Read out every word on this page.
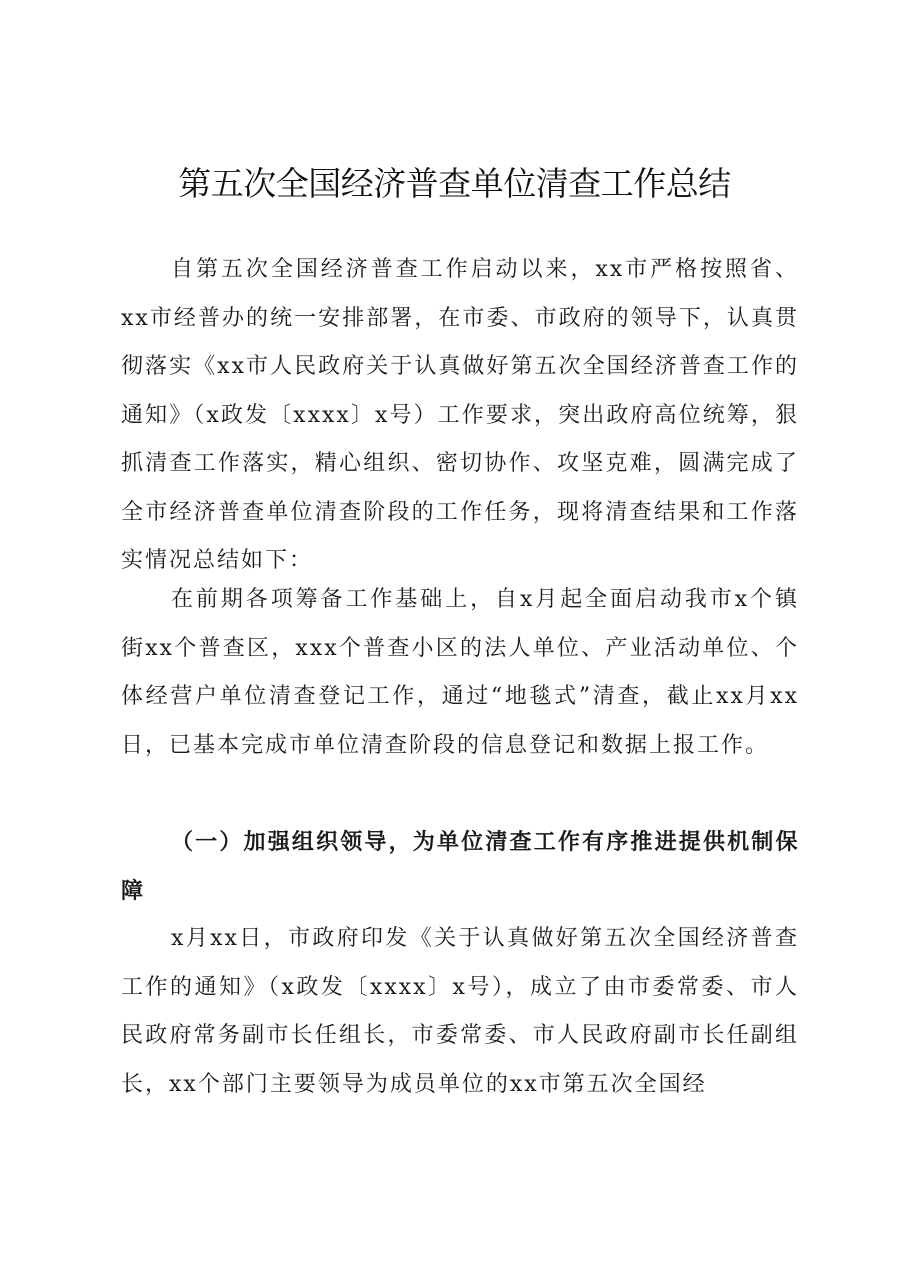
第五次全国经济普查单位清查工作总结

自第五次全国经济普查工作启动以来，xx市严格按照省、xx市经普办的统一安排部署，在市委、市政府的领导下，认真贯彻落实《xx市人民政府关于认真做好第五次全国经济普查工作的通知》（x政发〔xxxx〕x号）工作要求，突出政府高位统筹，狠抓清查工作落实，精心组织、密切协作、攻坚克难，圆满完成了全市经济普查单位清查阶段的工作任务，现将清查结果和工作落实情况总结如下：

在前期各项筹备工作基础上，自x月起全面启动我市x个镇街xx个普查区，xxx个普查小区的法人单位、产业活动单位、个体经营户单位清查登记工作，通过“地毯式”清查，截止xx月xx日，已基本完成市单位清查阶段的信息登记和数据上报工作。

（一）加强组织领导，为单位清查工作有序推进提供机制保障

x月xx日，市政府印发《关于认真做好第五次全国经济普查工作的通知》（x政发〔xxxx〕x号），成立了由市委常委、市人民政府常务副市长任组长，市委常委、市人民政府副市长任副组长，xx个部门主要领导为成员单位的xx市第五次全国经
